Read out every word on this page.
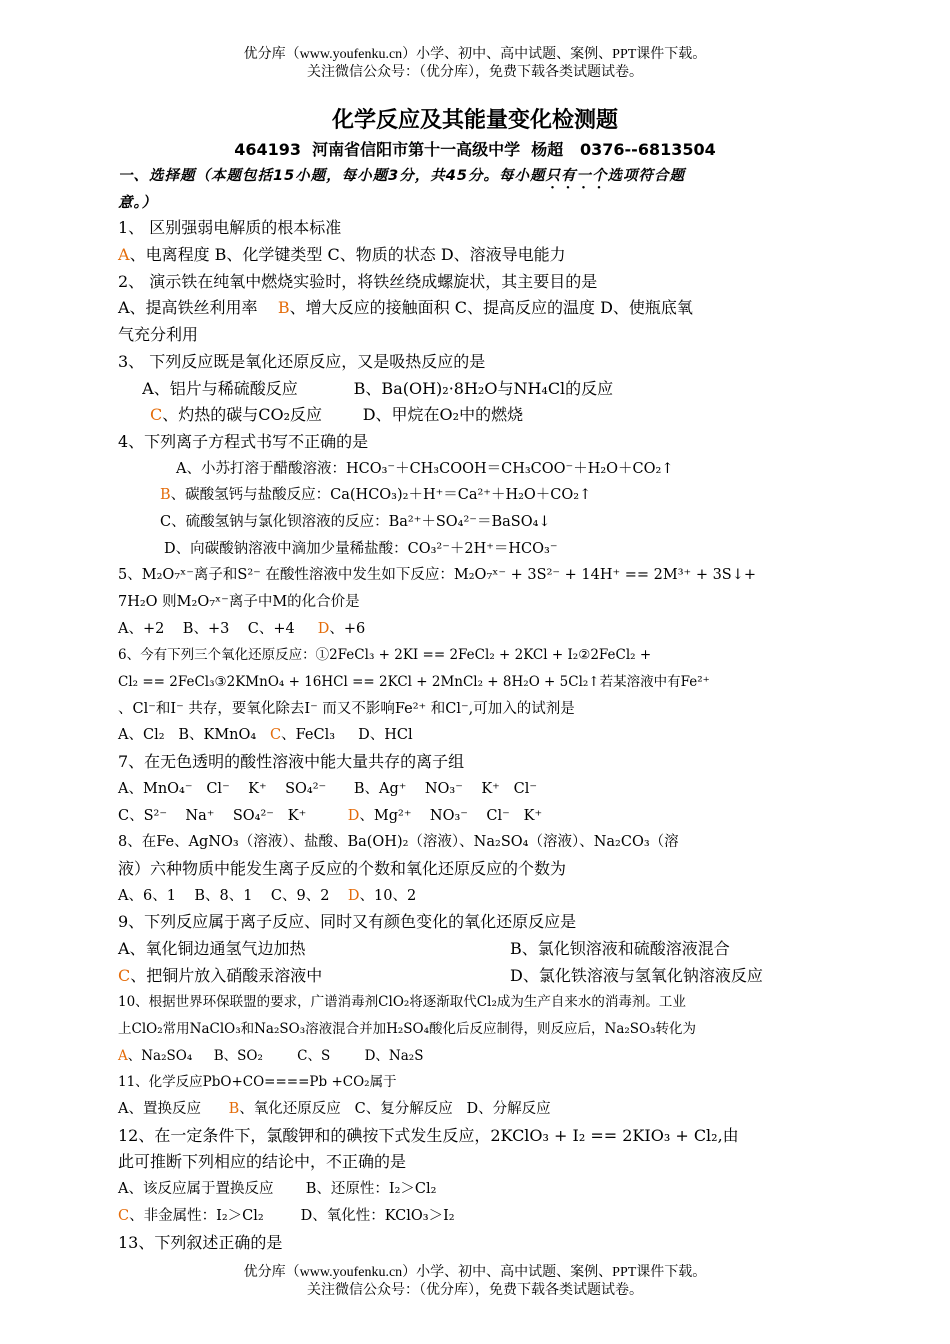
优分库（www.youfenku.cn）小学、初中、高中试题、案例、PPT课件下载。
关注微信公众号：（优分库），免费下载各类试题试卷。
化学反应及其能量变化检测题
464193  河南省信阳市第十一高级中学  杨超   0376--6813504
一、选择题（本题包括15小题，每小题3分，共45分。每小题只有一个选项符合题
意。）
1、 区别强弱电解质的根本标准
A、电离程度 B、化学键类型 C、物质的状态 D、溶液导电能力
2、 演示铁在纯氧中燃烧实验时，将铁丝绕成螺旋状，其主要目的是
A、提高铁丝利用率    B、增大反应的接触面积 C、提高反应的温度 D、使瓶底氧
气充分利用
3、 下列反应既是氧化还原反应，又是吸热反应的是
A、铝片与稀硫酸反应           B、Ba(OH)₂·8H₂O与NH₄Cl的反应
C、灼热的碳与CO₂反应        D、甲烷在O₂中的燃烧
4、下列离子方程式书写不正确的是
A、小苏打溶于醋酸溶液：HCO₃⁻＋CH₃COOH＝CH₃COO⁻＋H₂O＋CO₂↑
B、碳酸氢钙与盐酸反应：Ca(HCO₃)₂＋H⁺＝Ca²⁺＋H₂O＋CO₂↑
C、硫酸氢钠与氯化钡溶液的反应：Ba²⁺＋SO₄²⁻＝BaSO₄↓
D、向碳酸钠溶液中滴加少量稀盐酸：CO₃²⁻＋2H⁺＝HCO₃⁻
5、M₂O₇ˣ⁻离子和S²⁻ 在酸性溶液中发生如下反应：M₂O₇ˣ⁻ + 3S²⁻ + 14H⁺ == 2M³⁺ + 3S↓+
7H₂O 则M₂O₇ˣ⁻离子中M的化合价是
A、+2    B、+3    C、+4     D、+6
6、今有下列三个氧化还原反应：①2FeCl₃ + 2KI == 2FeCl₂ + 2KCl + I₂②2FeCl₂ +
Cl₂ == 2FeCl₃③2KMnO₄ + 16HCl == 2KCl + 2MnCl₂ + 8H₂O + 5Cl₂↑若某溶液中有Fe²⁺
、Cl⁻和I⁻ 共存，要氧化除去I⁻ 而又不影响Fe²⁺ 和Cl⁻,可加入的试剂是
A、Cl₂   B、KMnO₄   C、FeCl₃     D、HCl
7、在无色透明的酸性溶液中能大量共存的离子组
A、MnO₄⁻   Cl⁻    K⁺    SO₄²⁻      B、Ag⁺    NO₃⁻    K⁺   Cl⁻
C、S²⁻    Na⁺    SO₄²⁻   K⁺         D、Mg²⁺    NO₃⁻    Cl⁻   K⁺
8、在Fe、AgNO₃（溶液）、盐酸、Ba(OH)₂（溶液）、Na₂SO₄（溶液）、Na₂CO₃（溶
液）六种物质中能发生离子反应的个数和氧化还原反应的个数为
A、6、1    B、8、1    C、9、2    D、10、2
9、下列反应属于离子反应、同时又有颜色变化的氧化还原反应是
A、氧化铜边通氢气边加热	B、氯化钡溶液和硫酸溶液混合
C、把铜片放入硝酸汞溶液中	D、氯化铁溶液与氢氧化钠溶液反应
10、根据世界环保联盟的要求，广谱消毒剂ClO₂将逐渐取代Cl₂成为生产自来水的消毒剂。工业
上ClO₂常用NaClO₃和Na₂SO₃溶液混合并加H₂SO₄酸化后反应制得，则反应后，Na₂SO₃转化为
A、Na₂SO₄     B、SO₂        C、S        D、Na₂S
11、化学反应PbO+CO====Pb +CO₂属于
A、置换反应      B、氧化还原反应   C、复分解反应   D、分解反应
12、在一定条件下，氯酸钾和的碘按下式发生反应，2KClO₃ + I₂ == 2KIO₃ + Cl₂,由
此可推断下列相应的结论中，不正确的是
A、该反应属于置换反应       B、还原性：I₂＞Cl₂
C、非金属性：I₂＞Cl₂        D、氧化性：KClO₃＞I₂
13、下列叙述正确的是
优分库（www.youfenku.cn）小学、初中、高中试题、案例、PPT课件下载。
关注微信公众号：（优分库），免费下载各类试题试卷。
